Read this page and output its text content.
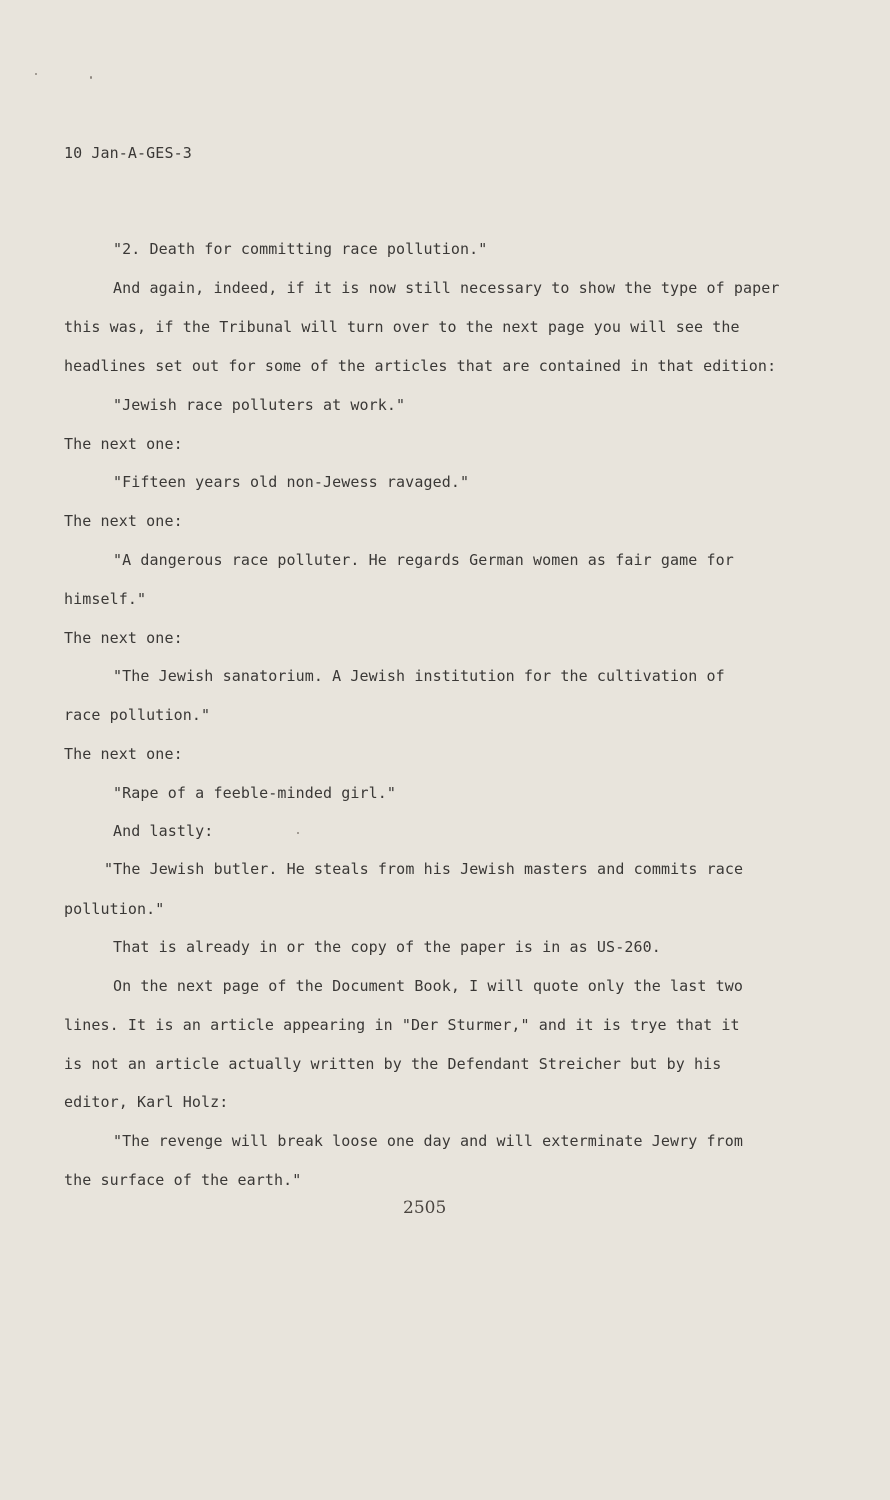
10 Jan-A-GES-3
"2. Death for committing race pollution."
And again, indeed, if it is now still necessary to show the type of paper
this was, if the Tribunal will turn over to the next page you will see the
headlines set out for some of the articles that are contained in that edition:
"Jewish race polluters at work."
The next one:
"Fifteen years old non-Jewess ravaged."
The next one:
"A dangerous race polluter. He regards German women as fair game for
himself."
The next one:
"The Jewish sanatorium. A Jewish institution for the cultivation of
race pollution."
The next one:
"Rape of a feeble-minded girl."
And lastly:
"The Jewish butler. He steals from his Jewish masters and commits race
pollution."
That is already in or the copy of the paper is in as US-260.
On the next page of the Document Book, I will quote only the last two
lines. It is an article appearing in "Der Sturmer," and it is trye that it
is not an article actually written by the Defendant Streicher but by his
editor, Karl Holz:
"The revenge will break loose one day and will exterminate Jewry from
the surface of the earth."
2505
